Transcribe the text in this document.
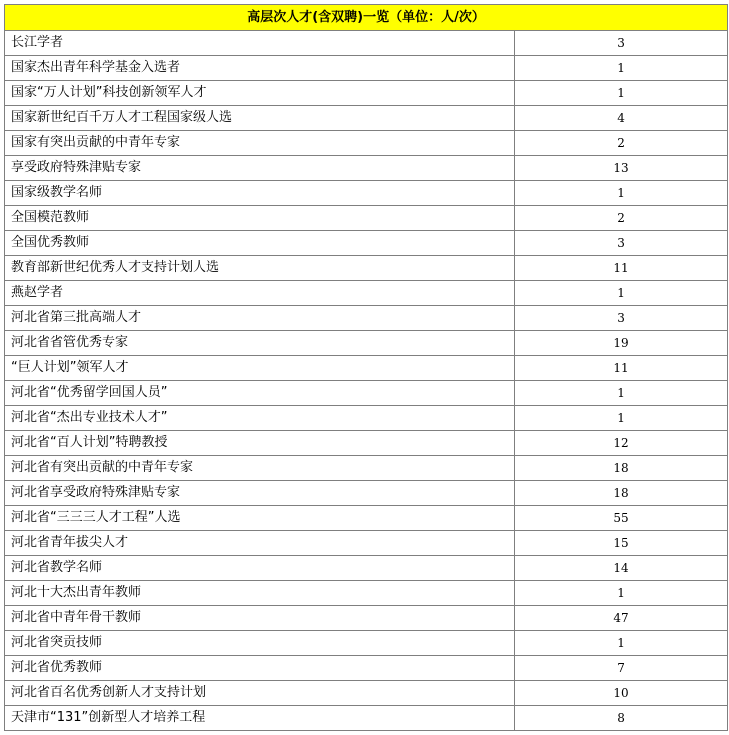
高层次人才(含双聘)一览（单位：人/次）	
长江学者	3
国家杰出青年科学基金入选者	1
国家“万人计划”科技创新领军人才	1
国家新世纪百千万人才工程国家级人选	4
国家有突出贡献的中青年专家	2
享受政府特殊津贴专家	13
国家级教学名师	1
全国模范教师	2
全国优秀教师	3
教育部新世纪优秀人才支持计划人选	11
燕赵学者	1
河北省第三批高端人才	3
河北省省管优秀专家	19
“巨人计划”领军人才	11
河北省“优秀留学回国人员”	1
河北省“杰出专业技术人才”	1
河北省“百人计划”特聘教授	12
河北省有突出贡献的中青年专家	18
河北省享受政府特殊津贴专家	18
河北省“三三三人才工程”人选	55
河北省青年拔尖人才	15
河北省教学名师	14
河北十大杰出青年教师	1
河北省中青年骨干教师	47
河北省突贡技师	1
河北省优秀教师	7
河北省百名优秀创新人才支持计划	10
天津市“131”创新型人才培养工程	8
